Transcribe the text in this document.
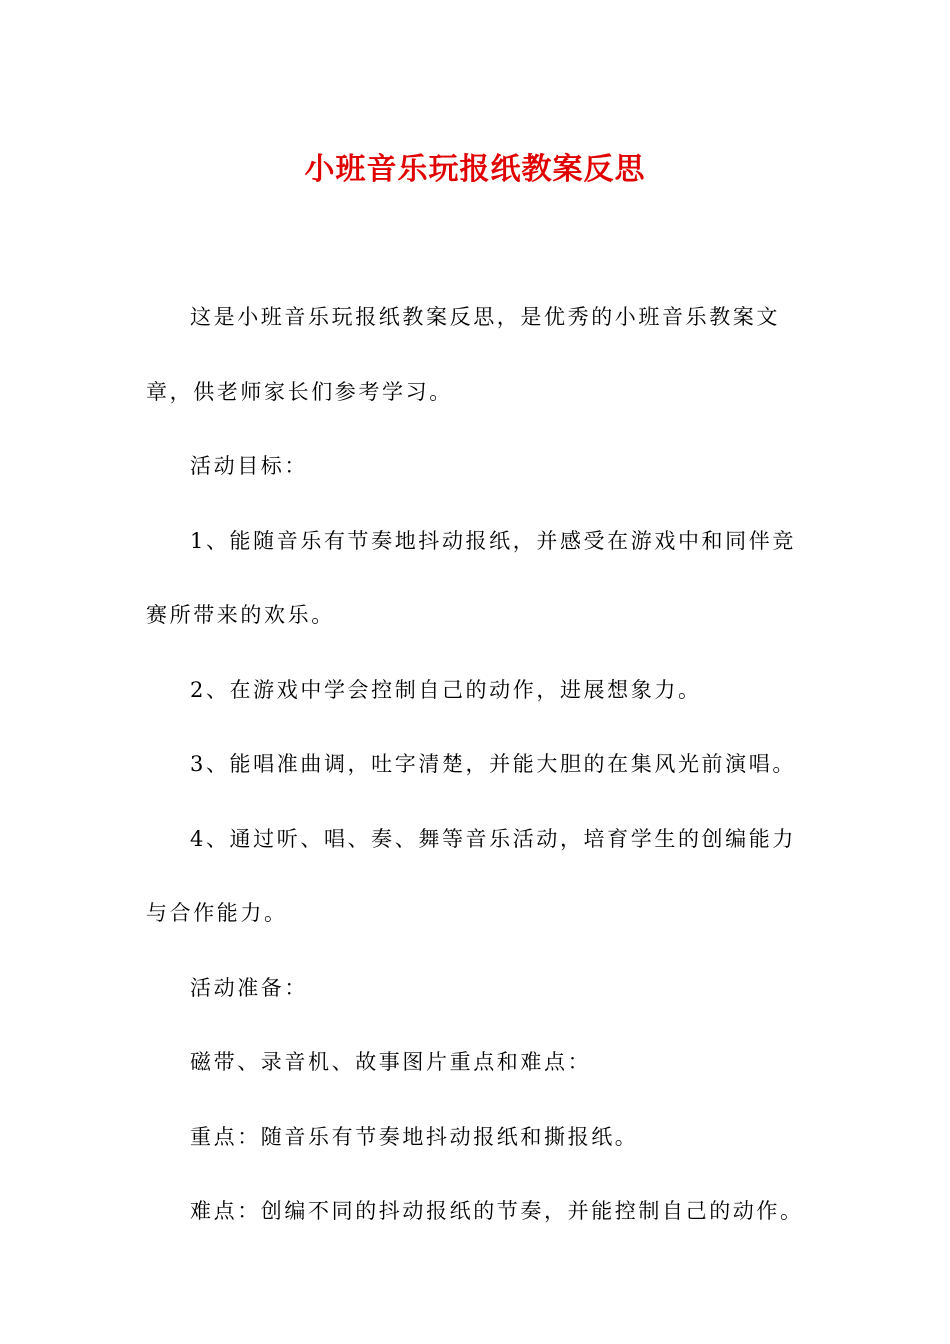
小班音乐玩报纸教案反思

这是小班音乐玩报纸教案反思，是优秀的小班音乐教案文章，供老师家长们参考学习。

活动目标：

1、能随音乐有节奏地抖动报纸，并感受在游戏中和同伴竞赛所带来的欢乐。

2、在游戏中学会控制自己的动作，进展想象力。

3、能唱准曲调，吐字清楚，并能大胆的在集风光前演唱。

4、通过听、唱、奏、舞等音乐活动，培育学生的创编能力与合作能力。

活动准备：

磁带、录音机、故事图片重点和难点：

重点：随音乐有节奏地抖动报纸和撕报纸。

难点：创编不同的抖动报纸的节奏，并能控制自己的动作。
